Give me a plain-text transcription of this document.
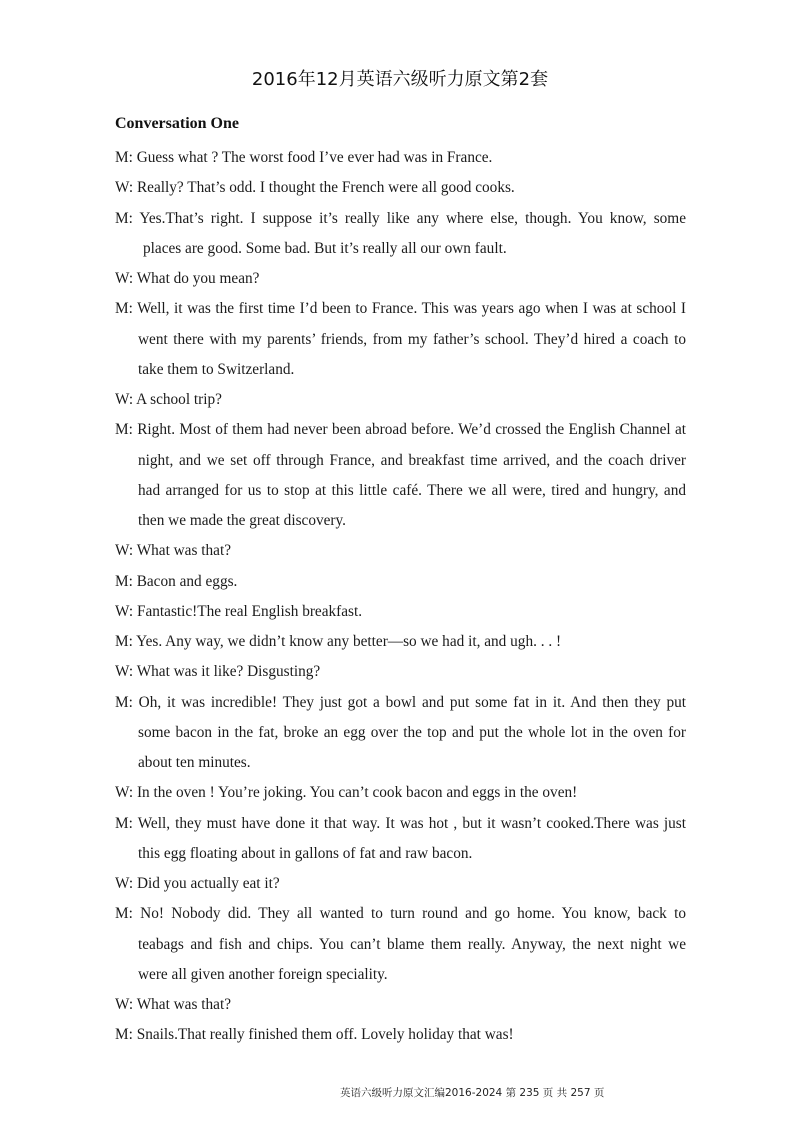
2016年12月英语六级听力原文第2套
Conversation One
M: Guess what ? The worst food I’ve ever had was in France.
W: Really? That’s odd. I thought the French were all good cooks.
M: Yes.That’s right. I suppose it’s really like any where else, though. You know, some
places are good. Some bad. But it’s really all our own fault.
W: What do you mean?
M: Well, it was the first time I’d been to France. This was years ago when I was at school I
went there with my parents’ friends, from my father’s school. They’d hired a coach to
take them to Switzerland.
W: A school trip?
M: Right. Most of them had never been abroad before. We’d crossed the English Channel at
night, and we set off through France, and breakfast time arrived, and the coach driver
had arranged for us to stop at this little café. There we all were, tired and hungry, and
then we made the great discovery.
W: What was that?
M: Bacon and eggs.
W: Fantastic!The real English breakfast.
M: Yes. Any way, we didn’t know any better—so we had it, and ugh. . . !
W: What was it like? Disgusting?
M: Oh, it was incredible! They just got a bowl and put some fat in it. And then they put
some bacon in the fat, broke an egg over the top and put the whole lot in the oven for
about ten minutes.
W: In the oven ! You’re joking. You can’t cook bacon and eggs in the oven!
M: Well, they must have done it that way. It was hot , but it wasn’t cooked.There was just
this egg floating about in gallons of fat and raw bacon.
W: Did you actually eat it?
M: No! Nobody did. They all wanted to turn round and go home. You know, back to
teabags and fish and chips. You can’t blame them really. Anyway, the next night we
were all given another foreign speciality.
W: What was that?
M: Snails.That really finished them off. Lovely holiday that was!
英语六级听力原文汇编2016-2024 第 235 页 共 257 页
